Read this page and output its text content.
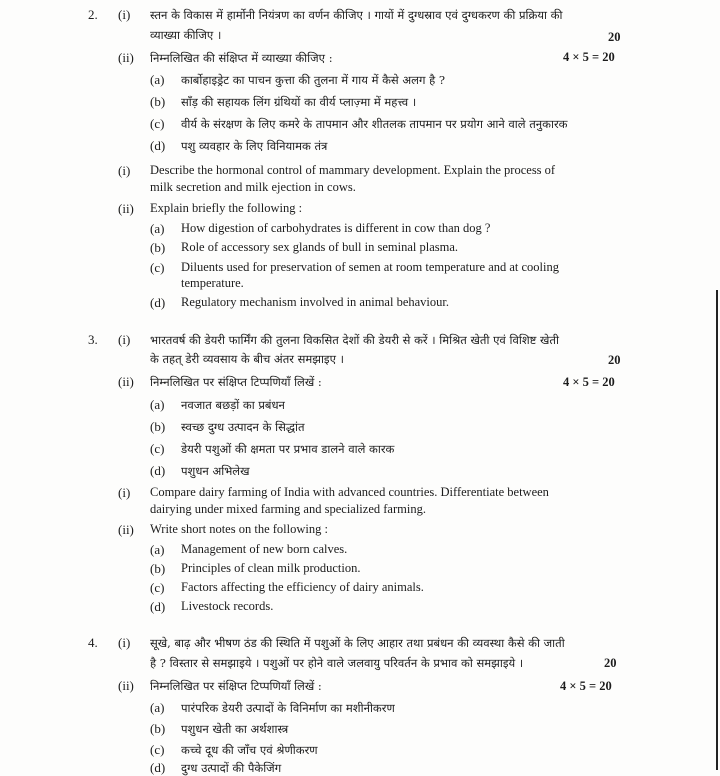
2. (i) स्तन के विकास में हार्मोनी नियंत्रण का वर्णन कीजिए । गायों में दुग्धस्राव एवं दुग्धकरण की प्रक्रिया की
व्याख्या कीजिए ।	20
(ii) निम्नलिखित की संक्षिप्त में व्याख्या कीजिए :	4 × 5 = 20
(a) कार्बोहाइड्रेट का पाचन कुत्ता की तुलना में गाय में कैसे अलग है ?
(b) साँड़ की सहायक लिंग ग्रंथियों का वीर्य प्लाज़्मा में महत्त्व ।
(c) वीर्य के संरक्षण के लिए कमरे के तापमान और शीतलक तापमान पर प्रयोग आने वाले तनुकारक
(d) पशु व्यवहार के लिए विनियामक तंत्र
(i) Describe the hormonal control of mammary development. Explain the process of
milk secretion and milk ejection in cows.
(ii) Explain briefly the following :
(a) How digestion of carbohydrates is different in cow than dog ?
(b) Role of accessory sex glands of bull in seminal plasma.
(c) Diluents used for preservation of semen at room temperature and at cooling
temperature.
(d) Regulatory mechanism involved in animal behaviour.
3. (i) भारतवर्ष की डेयरी फार्मिंग की तुलना विकसित देशों की डेयरी से करें । मिश्रित खेती एवं विशिष्ट खेती
के तहत् डेरी व्यवसाय के बीच अंतर समझाइए ।	20
(ii) निम्नलिखित पर संक्षिप्त टिप्पणियाँ लिखें :	4 × 5 = 20
(a) नवजात बछड़ों का प्रबंधन
(b) स्वच्छ दुग्ध उत्पादन के सिद्धांत
(c) डेयरी पशुओं की क्षमता पर प्रभाव डालने वाले कारक
(d) पशुधन अभिलेख
(i) Compare dairy farming of India with advanced countries. Differentiate between
dairying under mixed farming and specialized farming.
(ii) Write short notes on the following :
(a) Management of new born calves.
(b) Principles of clean milk production.
(c) Factors affecting the efficiency of dairy animals.
(d) Livestock records.
4. (i) सूखे, बाढ़ और भीषण ठंड की स्थिति में पशुओं के लिए आहार तथा प्रबंधन की व्यवस्था कैसे की जाती
है ? विस्तार से समझाइये । पशुओं पर होने वाले जलवायु परिवर्तन के प्रभाव को समझाइये ।	20
(ii) निम्नलिखित पर संक्षिप्त टिप्पणियाँ लिखें :	4 × 5 = 20
(a) पारंपरिक डेयरी उत्पादों के विनिर्माण का मशीनीकरण
(b) पशुधन खेती का अर्थशास्त्र
(c) कच्चे दूध की जाँच एवं श्रेणीकरण
(d) दुग्ध उत्पादों की पैकेजिंग
